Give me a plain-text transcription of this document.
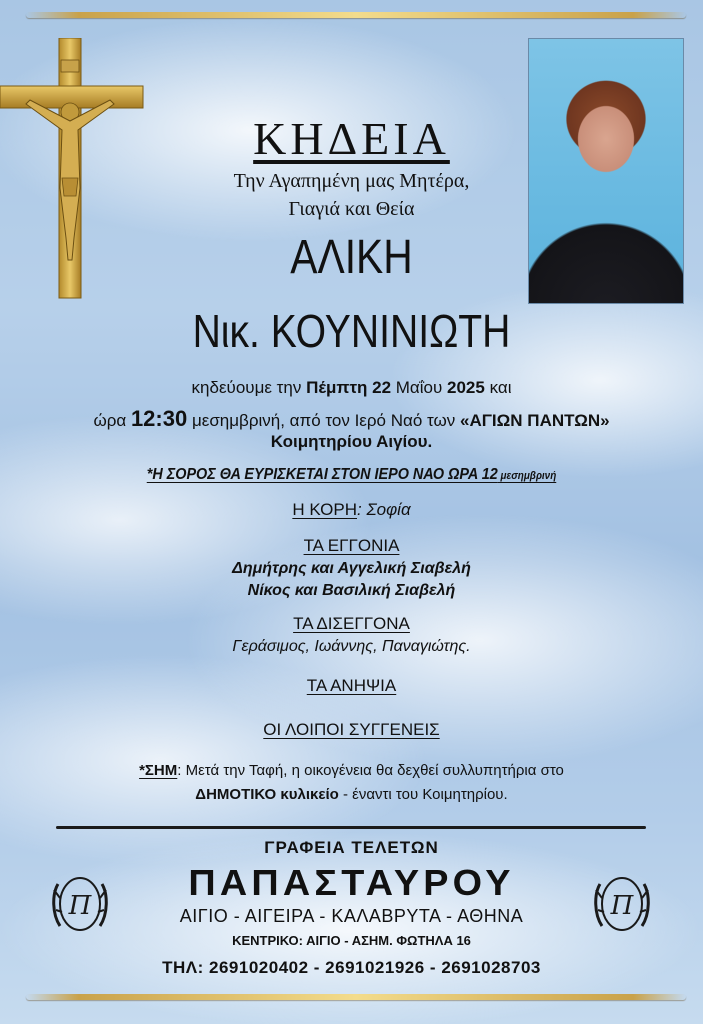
ΚΗΔΕΙΑ
Την Αγαπημένη μας Μητέρα,
Γιαγιά και Θεία
ΑΛΙΚΗ
Νικ. ΚΟΥΝΙΝΙΩΤΗ
κηδεύουμε την Πέμπτη 22 Μαΐου 2025 και
ώρα 12:30 μεσημβρινή, από τον Ιερό Ναό των «ΑΓΙΩΝ ΠΑΝΤΩΝ»
Κοιμητηρίου Αιγίου.
*Η ΣΟΡΟΣ ΘΑ ΕΥΡΙΣΚΕΤΑΙ ΣΤΟΝ ΙΕΡΟ ΝΑΟ ΩΡΑ 12 μεσημβρινή
Η ΚΟΡΗ: Σοφία
ΤΑ ΕΓΓΟΝΙΑ
Δημήτρης και Αγγελική Σιαβελή
Νίκος και Βασιλική Σιαβελή
ΤΑ ΔΙΣΕΓΓΟΝΑ
Γεράσιμος, Ιωάννης, Παναγιώτης.
ΤΑ ΑΝΗΨΙΑ
ΟΙ ΛΟΙΠΟΙ ΣΥΓΓΕΝΕΙΣ
*ΣΗΜ: Μετά την Ταφή, η οικογένεια θα δεχθεί συλλυπητήρια στο
ΔΗΜΟΤΙΚΟ κυλικείο - έναντι του Κοιμητηρίου.
ΓΡΑΦΕΙΑ ΤΕΛΕΤΩΝ
ΠΑΠΑΣΤΑΥΡΟΥ
ΑΙΓΙΟ - ΑΙΓΕΙΡΑ - ΚΑΛΑΒΡΥΤΑ - ΑΘΗΝΑ
ΚΕΝΤΡΙΚΟ: ΑΙΓΙΟ - ΑΣΗΜ. ΦΩΤΗΛΑ 16
ΤΗΛ: 2691020402 - 2691021926 - 2691028703
Π	Π
